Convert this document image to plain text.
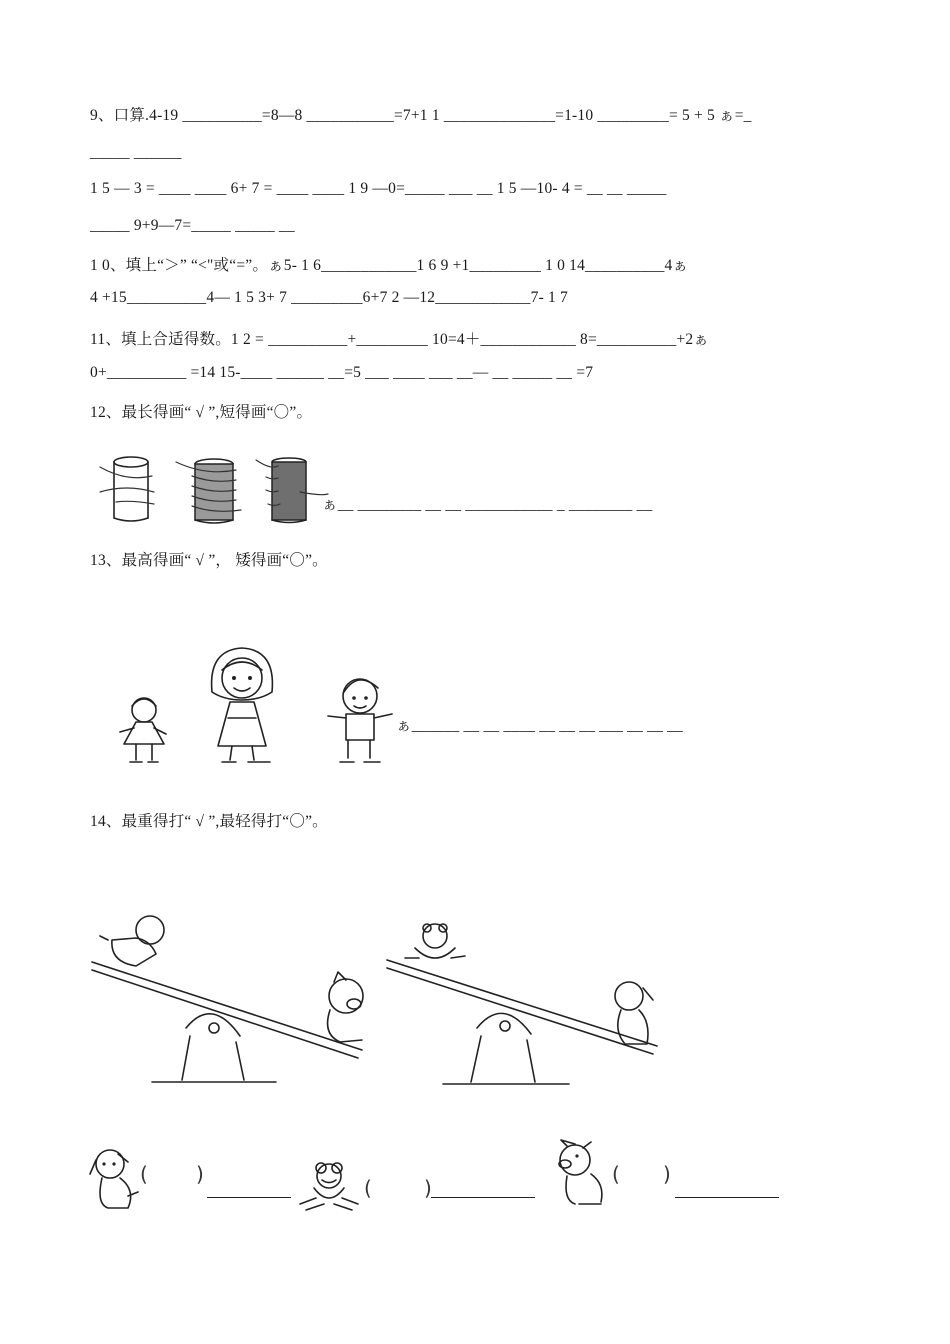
9、口算.4-19 __________=8—8 ___________=7+1 1 ______________=1-10 _________= 5 + 5 ぁ=_
_____ ______
1 5 — 3 = ____ ____ 6+ 7 = ____ ____ 1 9 —0=_____ ___ __ 1 5 —10- 4 = __ __ _____
_____ 9+9—7=_____ _____ __
1 0、填上“＞” “<"或“=”。ぁ5- 1 6____________1 6 9 +1_________ 1 0 14__________4ぁ
4 +15__________4— 1 5 3+ 7 _________6+7 2 —12____________7- 1 7
11、填上合适得数。1 2 = __________+_________ 10=4＋____________ 8=__________+2ぁ
0+__________ =14 15-____ ______ __=5 ___ ____ ___ __— __ _____ __ =7
12、最长得画“ √ ”,短得画“〇”。
ぁ__ ________ __ __ ___________ _ ________ __
13、最高得画“ √ ”， 矮得画“〇”。
ぁ______ __ __ ____ __ __ __ ___ __ __ __
14、最重得打“ √ ”,最轻得打“〇”。
( )
(	)
( )
